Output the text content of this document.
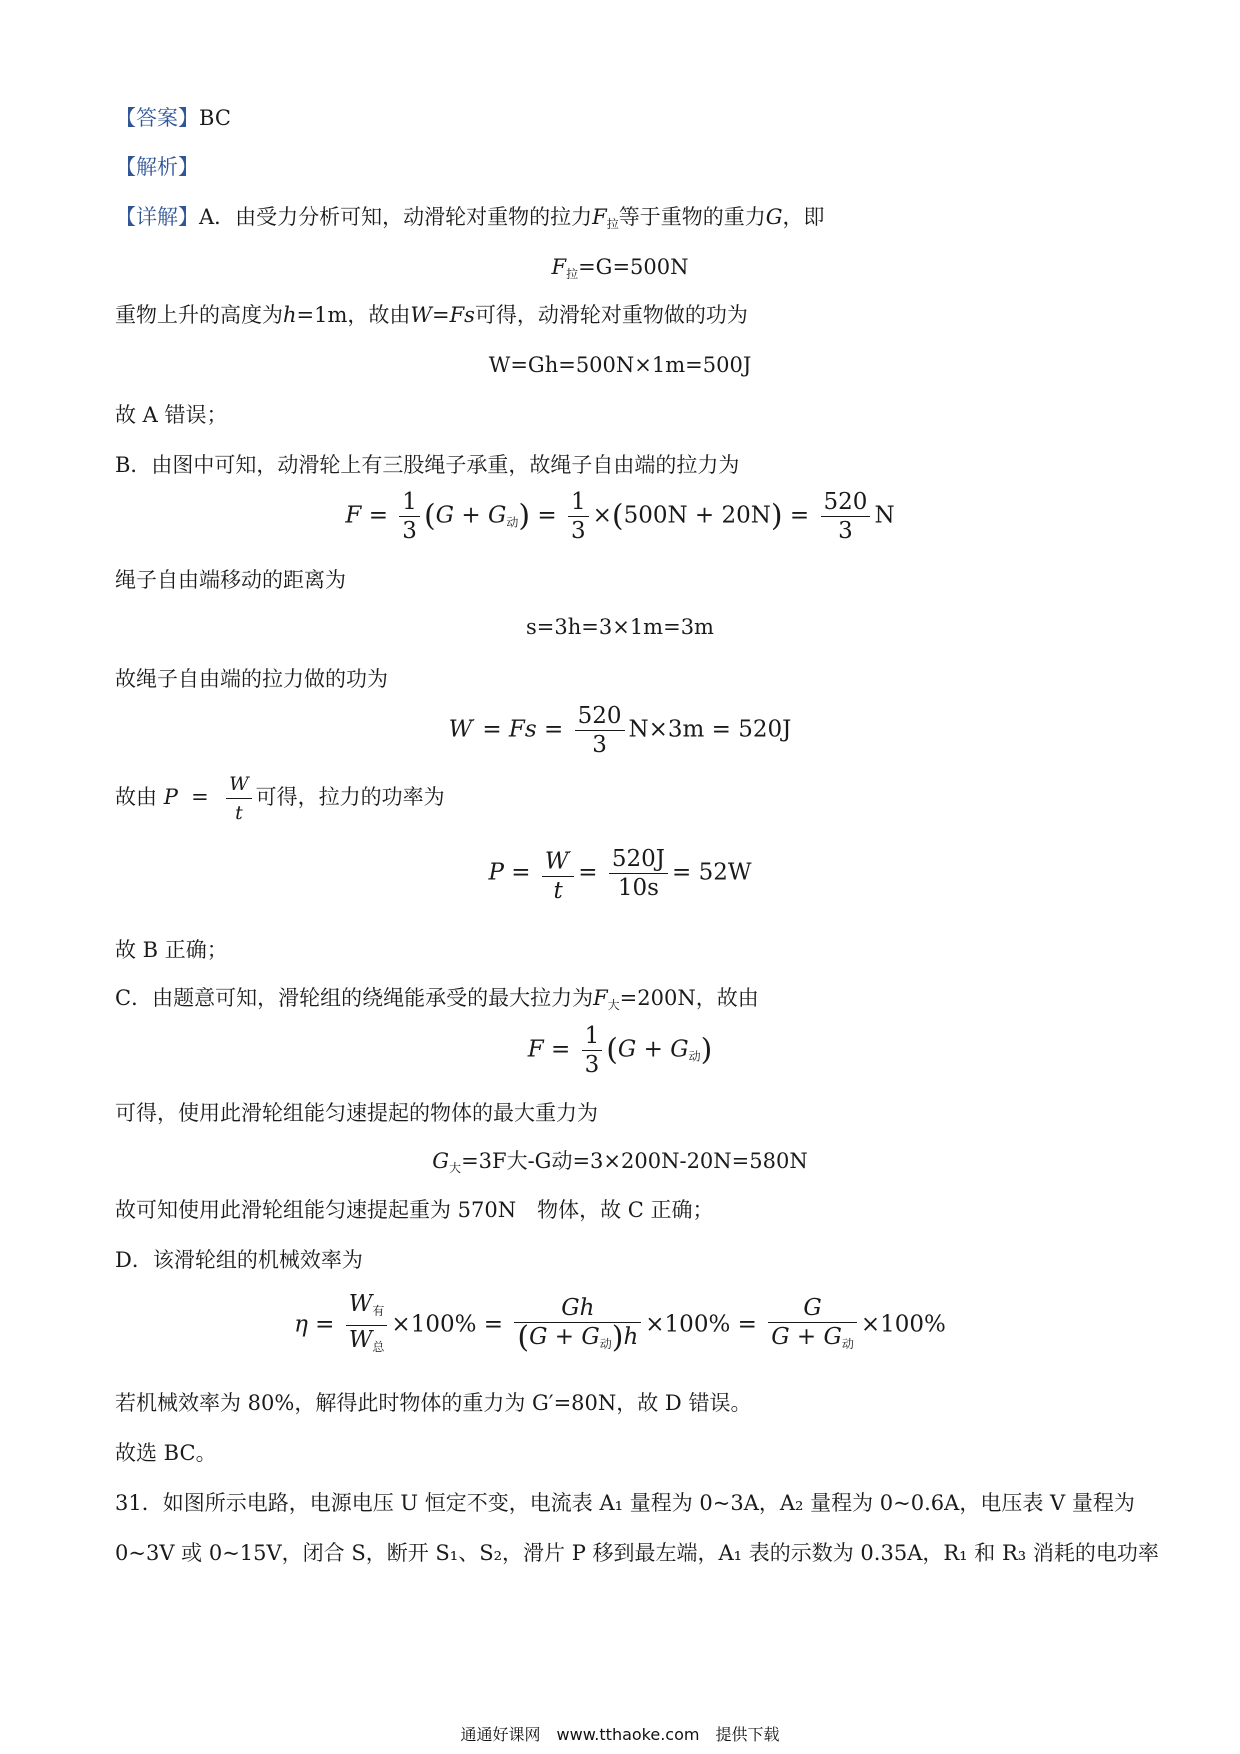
【答案】BC
【解析】
【详解】A．由受力分析可知，动滑轮对重物的拉力$F_拉$等于重物的重力G，即
$F_拉=G=500N$
重物上升的高度为h=1m，故由W=Fs可得，动滑轮对重物做的功为
W=Gh=500N×1m=500J
故 A 错误；
B．由图中可知，动滑轮上有三股绳子承重，故绳子自由端的拉力为
$F = \frac{1}{3} (G + G_动) = \frac{1}{3} \times(500N + 20N) = \frac{520}{3}$ N
绳子自由端移动的距离为
s=3h=3×1m=3m
故绳子自由端的拉力做的功为
$W' = Fs = \frac{520}{3} N\times 3m = 520J$
故由 $P = \frac{W}{t}$ 可得，拉力的功率为
$P = \frac{W'}{t} = \frac{520J}{10s} = 52W$
故 B 正确；
C．由题意可知，滑轮组的绕绳能承受的最大拉力为$F_大=200N$，故由
$F = \frac{1}{3} (G + G_动)$
可得，使用此滑轮组能匀速提起的物体的最大重力为
$G_大=3F$大-G动=3×200N-20N=580N
故可知使用此滑轮组能匀速提起重为 570N　物体，故 C 正确；
D．该滑轮组的机械效率为
$\eta = \frac{W_有}{W_总} \times 100\% = \frac{Gh}{(G + G_动)h} \times 100\% = \frac{G}{G + G_动} \times 100\%$
若机械效率为 80%，解得此时物体的重力为 G′=80N，故 D 错误。
故选 BC。
31．如图所示电路，电源电压 U 恒定不变，电流表 A₁ 量程为 0~3A，A₂ 量程为 0~0.6A，电压表 V 量程为
0~3V 或 0~15V，闭合 S，断开 S₁、S₂，滑片 P 移到最左端，A₁ 表的示数为 0.35A，R₁ 和 R₃ 消耗的电功率
通通好课网　www.tthaoke.com　提供下载
